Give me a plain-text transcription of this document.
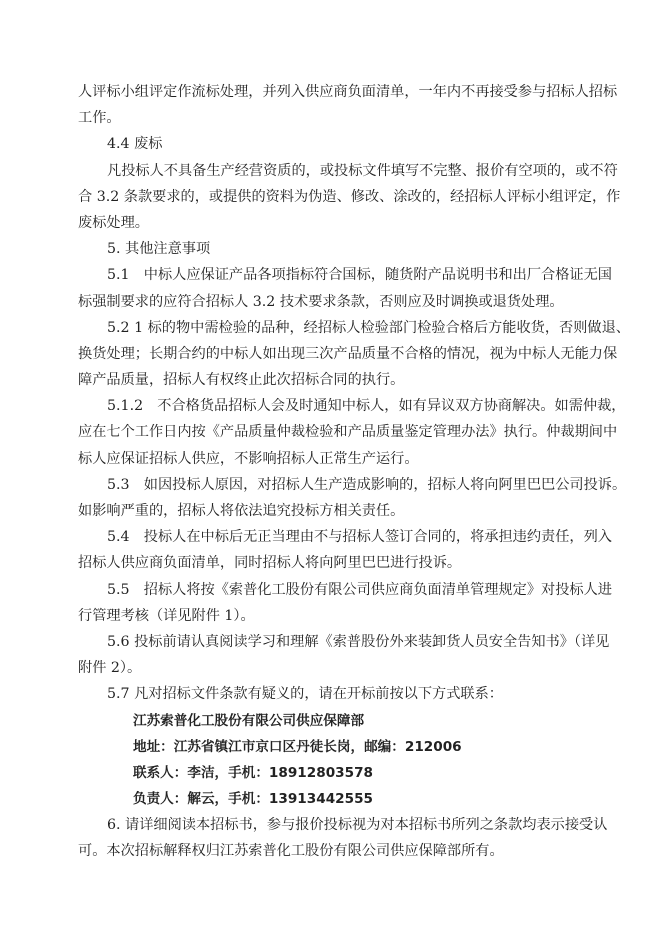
人评标小组评定作流标处理，并列入供应商负面清单，一年内不再接受参与招标人招标
工作。
4.4 废标
凡投标人不具备生产经营资质的，或投标文件填写不完整、报价有空项的，或不符
合 3.2 条款要求的，或提供的资料为伪造、修改、涂改的，经招标人评标小组评定，作
废标处理。
5. 其他注意事项
5.1　中标人应保证产品各项指标符合国标，随货附产品说明书和出厂合格证无国
标强制要求的应符合招标人 3.2 技术要求条款，否则应及时调换或退货处理。
5.2 1 标的物中需检验的品种，经招标人检验部门检验合格后方能收货，否则做退、
换货处理；长期合约的中标人如出现三次产品质量不合格的情况，视为中标人无能力保
障产品质量，招标人有权终止此次招标合同的执行。
5.1.2　不合格货品招标人会及时通知中标人，如有异议双方协商解决。如需仲裁，
应在七个工作日内按《产品质量仲裁检验和产品质量鉴定管理办法》执行。仲裁期间中
标人应保证招标人供应，不影响招标人正常生产运行。
5.3　如因投标人原因，对招标人生产造成影响的，招标人将向阿里巴巴公司投诉。
如影响严重的，招标人将依法追究投标方相关责任。
5.4　投标人在中标后无正当理由不与招标人签订合同的，将承担违约责任，列入
招标人供应商负面清单，同时招标人将向阿里巴巴进行投诉。
5.5　招标人将按《索普化工股份有限公司供应商负面清单管理规定》对投标人进
行管理考核（详见附件 1）。
5.6 投标前请认真阅读学习和理解《索普股份外来装卸货人员安全告知书》（详见
附件 2）。
5.7 凡对招标文件条款有疑义的，请在开标前按以下方式联系：
江苏索普化工股份有限公司供应保障部
地址：江苏省镇江市京口区丹徒长岗，邮编：212006
联系人：李洁，手机：18912803578
负责人：解云，手机：13913442555
6. 请详细阅读本招标书，参与报价投标视为对本招标书所列之条款均表示接受认
可。本次招标解释权归江苏索普化工股份有限公司供应保障部所有。
